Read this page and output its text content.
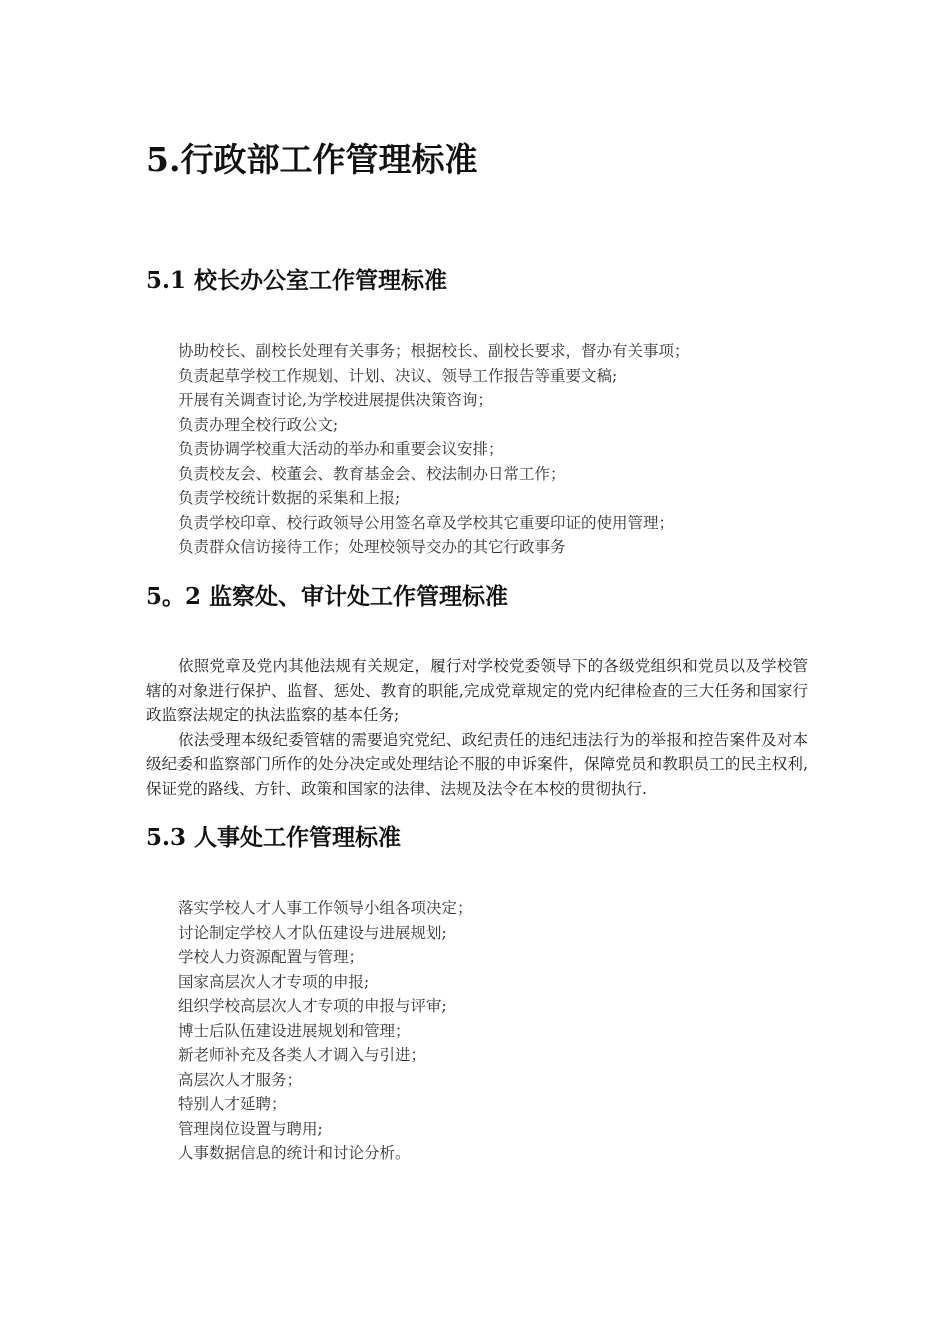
5.行政部工作管理标准
5.1 校长办公室工作管理标准
协助校长、副校长处理有关事务；根据校长、副校长要求，督办有关事项；
负责起草学校工作规划、计划、决议、领导工作报告等重要文稿;
开展有关调查讨论,为学校进展提供决策咨询；
负责办理全校行政公文;
负责协调学校重大活动的举办和重要会议安排；
负责校友会、校董会、教育基金会、校法制办日常工作；
负责学校统计数据的采集和上报;
负责学校印章、校行政领导公用签名章及学校其它重要印证的使用管理；
负责群众信访接待工作；处理校领导交办的其它行政事务
5。2 监察处、审计处工作管理标准

依照党章及党内其他法规有关规定，履行对学校党委领导下的各级党组织和党员以及学校管辖的对象进行保护、监督、惩处、教育的职能,完成党章规定的党内纪律检查的三大任务和国家行政监察法规定的执法监察的基本任务;

依法受理本级纪委管辖的需要追究党纪、政纪责任的违纪违法行为的举报和控告案件及对本级纪委和监察部门所作的处分决定或处理结论不服的申诉案件，保障党员和教职员工的民主权利,保证党的路线、方针、政策和国家的法律、法规及法令在本校的贯彻执行.

5.3 人事处工作管理标准
落实学校人才人事工作领导小组各项决定；
讨论制定学校人才队伍建设与进展规划;
学校人力资源配置与管理；
国家高层次人才专项的申报;
组织学校高层次人才专项的申报与评审;
博士后队伍建设进展规划和管理；
新老师补充及各类人才调入与引进；
高层次人才服务；
特别人才延聘；
管理岗位设置与聘用;
人事数据信息的统计和讨论分析。
